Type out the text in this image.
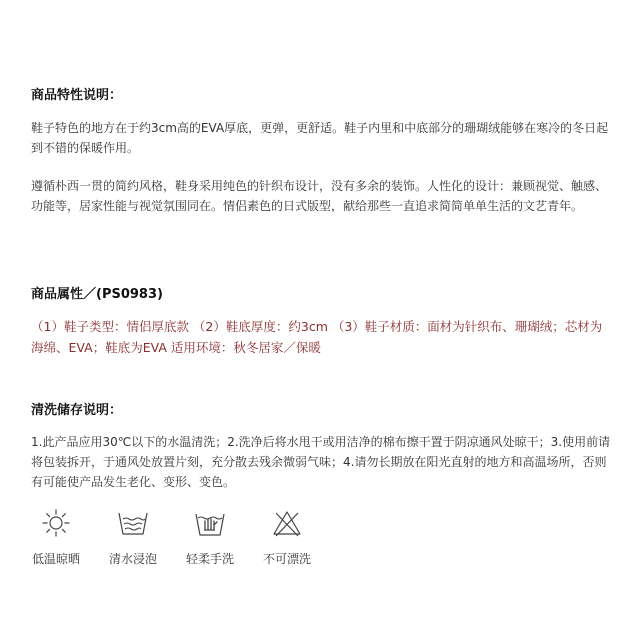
商品特性说明：

鞋子特色的地方在于约3cm高的EVA厚底，更弹，更舒适。鞋子内里和中底部分的珊瑚绒能够在寒冷的冬日起到不错的保暖作用。

遵循朴西一贯的简约风格，鞋身采用纯色的针织布设计，没有多余的装饰。人性化的设计：兼顾视觉、触感、功能等，居家性能与视觉氛围同在。情侣素色的日式版型，献给那些一直追求简简单单生活的文艺青年。

商品属性／(PS0983)

（1）鞋子类型：情侣厚底款 （2）鞋底厚度：约3cm （3）鞋子材质：面材为针织布、珊瑚绒；芯材为海绵、EVA；鞋底为EVA 适用环境：秋冬居家／保暖

清洗储存说明：

1.此产品应用30℃以下的水温清洗；2.洗净后将水甩干或用洁净的棉布擦干置于阴凉通风处晾干；3.使用前请将包装拆开，于通风处放置片刻，充分散去残余微弱气味；4.请勿长期放在阳光直射的地方和高温场所，否则有可能使产品发生老化、变形、变色。

低温晾晒	清水浸泡	轻柔手洗	不可漂洗
